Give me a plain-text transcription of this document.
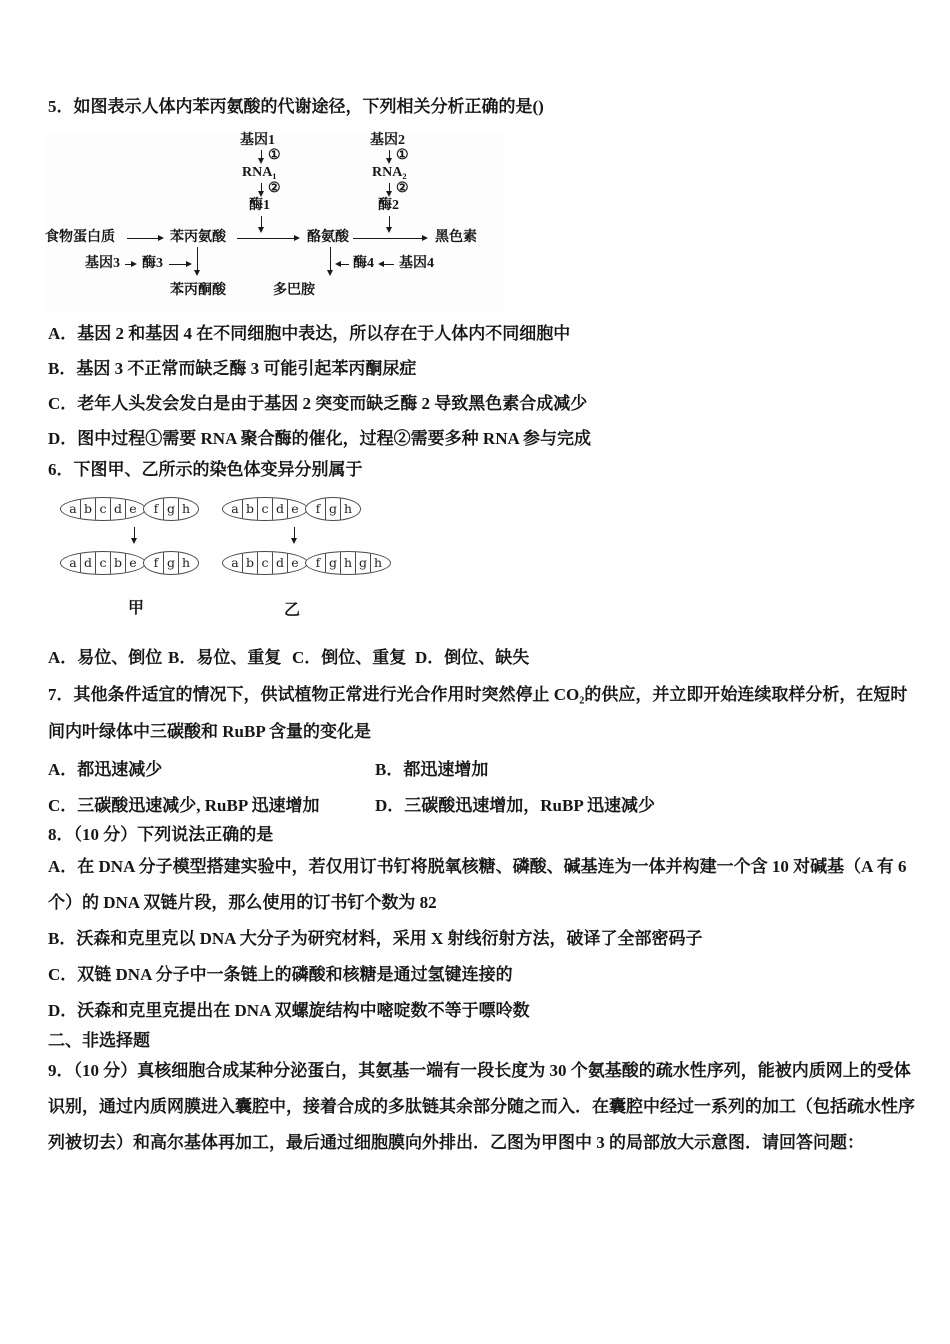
5．如图表示人体内苯丙氨酸的代谢途径，下列相关分析正确的是()
基因1
①
RNA₁
②
酶1
基因2
①
RNA₂
②
酶2
食物蛋白质	苯丙氨酸	酪氨酸	黑色素
基因3 酶3
苯丙酮酸
酶4 基因4
多巴胺
A．基因 2 和基因 4 在不同细胞中表达，所以存在于人体内不同细胞中
B．基因 3 不正常而缺乏酶 3 可能引起苯丙酮尿症
C．老年人头发会发白是由于基因 2 突变而缺乏酶 2 导致黑色素合成减少
D．图中过程①需要 RNA 聚合酶的催化，过程②需要多种 RNA 参与完成
6．下图甲、乙所示的染色体变异分别属于
a b c d e	f g h
a d c b e	f g h
甲
a b c d e	f g h
a b c d e	f g h g h
乙
A．易位、倒位 B．易位、重复 C．倒位、重复 D．倒位、缺失
7．其他条件适宜的情况下，供试植物正常进行光合作用时突然停止 CO₂的供应，并立即开始连续取样分析，在短时
间内叶绿体中三碳酸和 RuBP 含量的变化是
A．都迅速减少	B．都迅速增加
C．三碳酸迅速减少, RuBP 迅速增加	D．三碳酸迅速增加，RuBP 迅速减少
8．（10 分）下列说法正确的是
A．在 DNA 分子模型搭建实验中，若仅用订书钉将脱氧核糖、磷酸、碱基连为一体并构建一个含 10 对碱基（A 有 6
个）的 DNA 双链片段，那么使用的订书钉个数为 82
B．沃森和克里克以 DNA 大分子为研究材料，采用 X 射线衍射方法，破译了全部密码子
C．双链 DNA 分子中一条链上的磷酸和核糖是通过氢键连接的
D．沃森和克里克提出在 DNA 双螺旋结构中嘧啶数不等于嘌呤数
二、非选择题
9．（10 分）真核细胞合成某种分泌蛋白，其氨基一端有一段长度为 30 个氨基酸的疏水性序列，能被内质网上的受体
识别，通过内质网膜进入囊腔中，接着合成的多肽链其余部分随之而入．在囊腔中经过一系列的加工（包括疏水性序
列被切去）和高尔基体再加工，最后通过细胞膜向外排出．乙图为甲图中 3 的局部放大示意图．请回答问题：
